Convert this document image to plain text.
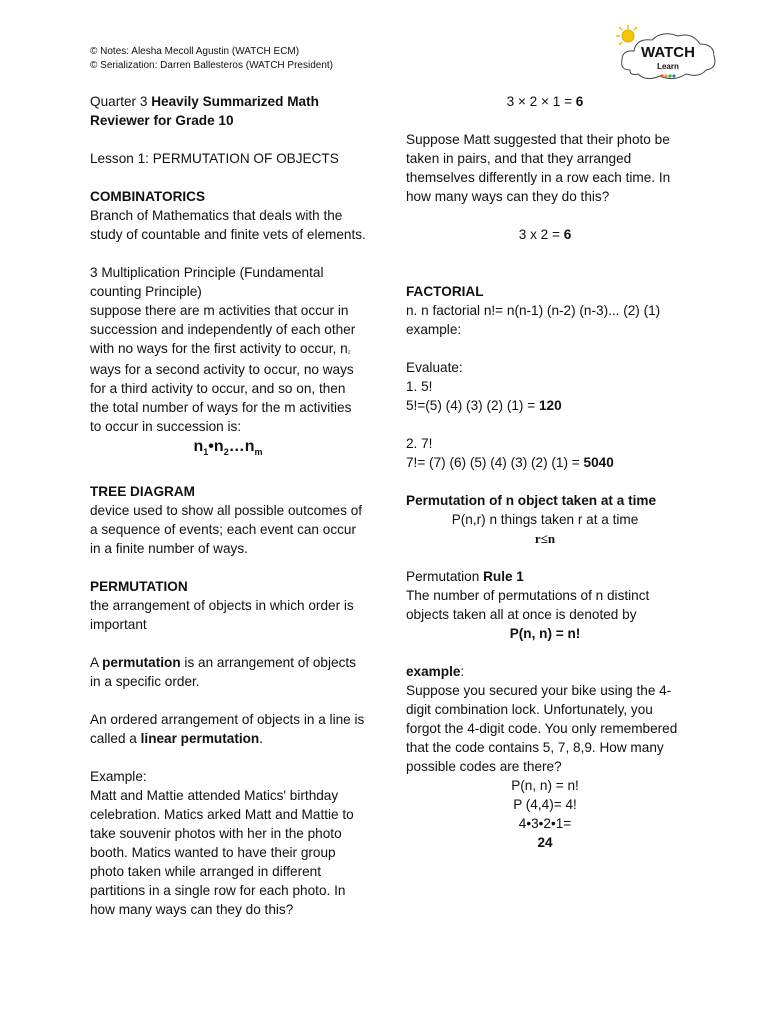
© Notes: Alesha Mecoll Agustin (WATCH ECM)
© Serialization: Darren Ballesteros (WATCH President)
WATCH
Learn

Quarter 3 Heavily Summarized Math Reviewer for Grade 10

Lesson 1: PERMUTATION OF OBJECTS

COMBINATORICS

Branch of Mathematics that deals with the study of countable and finite vets of elements.

3 Multiplication Principle (Fundamental counting Principle)

suppose there are m activities that occur in succession and independently of each other with no ways for the first activity to occur, n₂ ways for a second activity to occur, no ways for a third activity to occur, and so on, then the total number of ways for the m activities to occur in succession is:

$n_1•n_2\dots n_m$

TREE DIAGRAM

device used to show all possible outcomes of a sequence of events; each event can occur in a finite number of ways.

PERMUTATION

the arrangement of objects in which order is important

A permutation is an arrangement of objects in a specific order.

An ordered arrangement of objects in a line is called a linear permutation.

Example:

Matt and Mattie attended Matics' birthday celebration. Matics arked Matt and Mattie to take souvenir photos with her in the photo booth. Matics wanted to have their group photo taken while arranged in different partitions in a single row for each photo. In how many ways can they do this?

3 × 2 × 1 = 6

Suppose Matt suggested that their photo be taken in pairs, and that they arranged themselves differently in a row each time. In how many ways can they do this?

3 x 2 = 6

FACTORIAL

n. n factorial n!= n(n-1) (n-2) (n-3)... (2) (1)

example:

Evaluate:

1. 5!

5!=(5) (4) (3) (2) (1) = 120

2. 7!

7!= (7) (6) (5) (4) (3) (2) (1) = 5040

Permutation of n object taken at a time

P(n,r) n things taken r at a time

r≤n

Permutation Rule 1

The number of permutations of n distinct objects taken all at once is denoted by

P(n, n) = n!

example:

Suppose you secured your bike using the 4-digit combination lock. Unfortunately, you forgot the 4-digit code. You only remembered that the code contains 5, 7, 8,9. How many possible codes are there?

P(n, n) = n!

P (4,4)= 4!

4•3•2•1=

24
